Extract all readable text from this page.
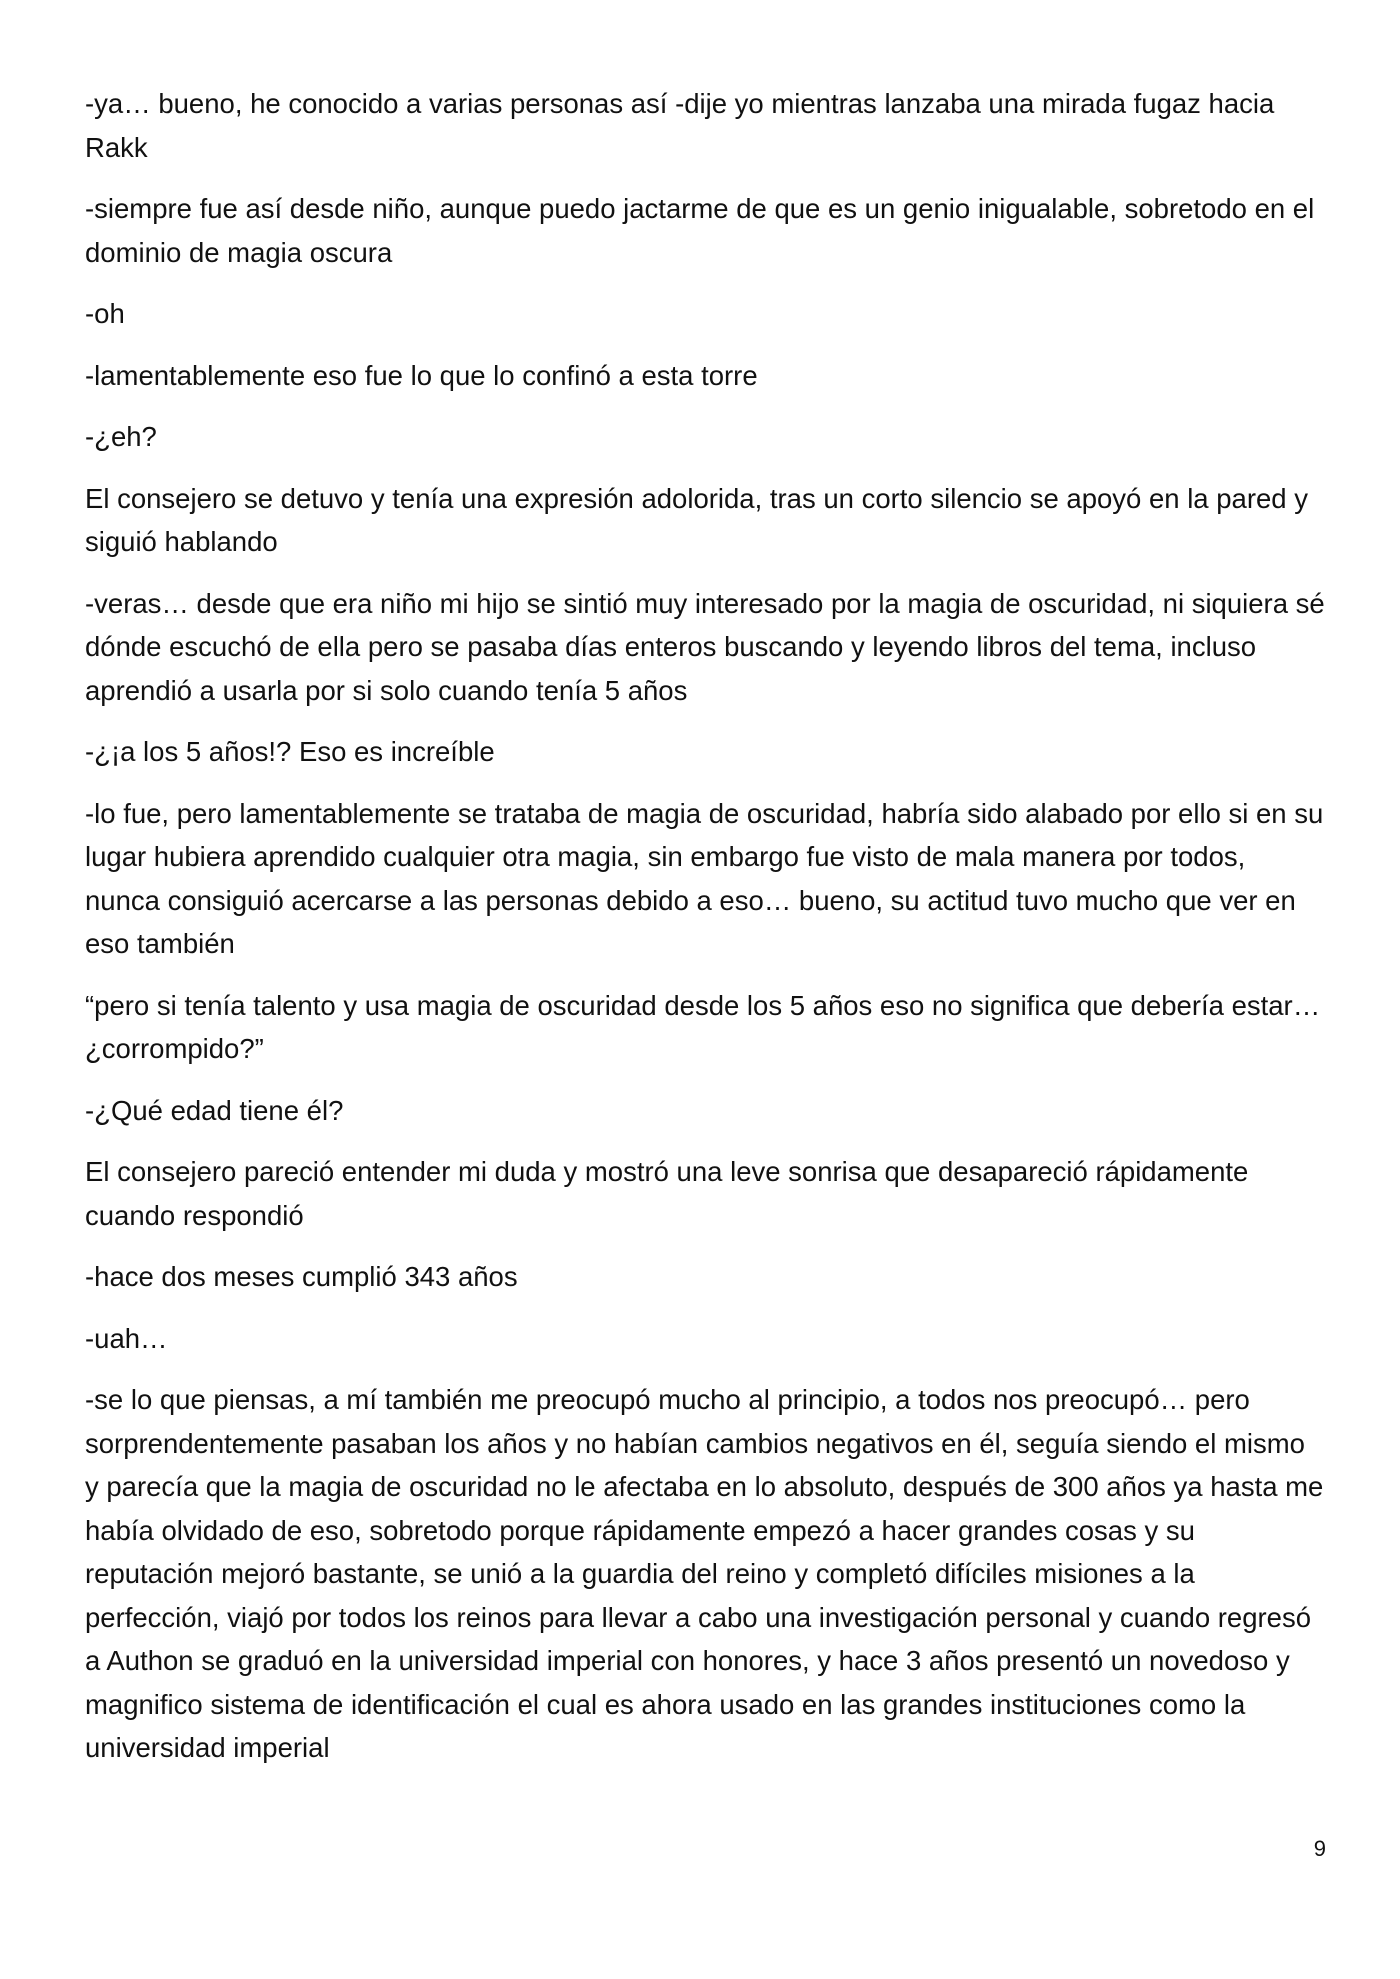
-ya… bueno, he conocido a varias personas así -dije yo mientras lanzaba una mirada fugaz hacia Rakk

-siempre fue así desde niño, aunque puedo jactarme de que es un genio inigualable, sobretodo en el dominio de magia oscura

-oh

-lamentablemente eso fue lo que lo confinó a esta torre

-¿eh?

El consejero se detuvo y tenía una expresión adolorida, tras un corto silencio se apoyó en la pared y siguió hablando

-veras… desde que era niño mi hijo se sintió muy interesado por la magia de oscuridad, ni siquiera sé dónde escuchó de ella pero se pasaba días enteros buscando y leyendo libros del tema, incluso aprendió a usarla por si solo cuando tenía 5 años

-¿¡a los 5 años!? Eso es increíble

-lo fue, pero lamentablemente se trataba de magia de oscuridad, habría sido alabado por ello si en su lugar hubiera aprendido cualquier otra magia, sin embargo fue visto de mala manera por todos, nunca consiguió acercarse a las personas debido a eso… bueno, su actitud tuvo mucho que ver en eso también

“pero si tenía talento y usa magia de oscuridad desde los 5 años eso no significa que debería estar… ¿corrompido?”

-¿Qué edad tiene él?

El consejero pareció entender mi duda y mostró una leve sonrisa que desapareció rápidamente cuando respondió

-hace dos meses cumplió 343 años

-uah…

-se lo que piensas, a mí también me preocupó mucho al principio, a todos nos preocupó… pero sorprendentemente pasaban los años y no habían cambios negativos en él, seguía siendo el mismo y parecía que la magia de oscuridad no le afectaba en lo absoluto, después de 300 años ya hasta me había olvidado de eso, sobretodo porque rápidamente empezó a hacer grandes cosas y su reputación mejoró bastante, se unió a la guardia del reino y completó difíciles misiones a la perfección, viajó por todos los reinos para llevar a cabo una investigación personal y cuando regresó a Authon se graduó en la universidad imperial con honores, y hace 3 años presentó un novedoso y magnifico sistema de identificación el cual es ahora usado en las grandes instituciones como la universidad imperial

9
